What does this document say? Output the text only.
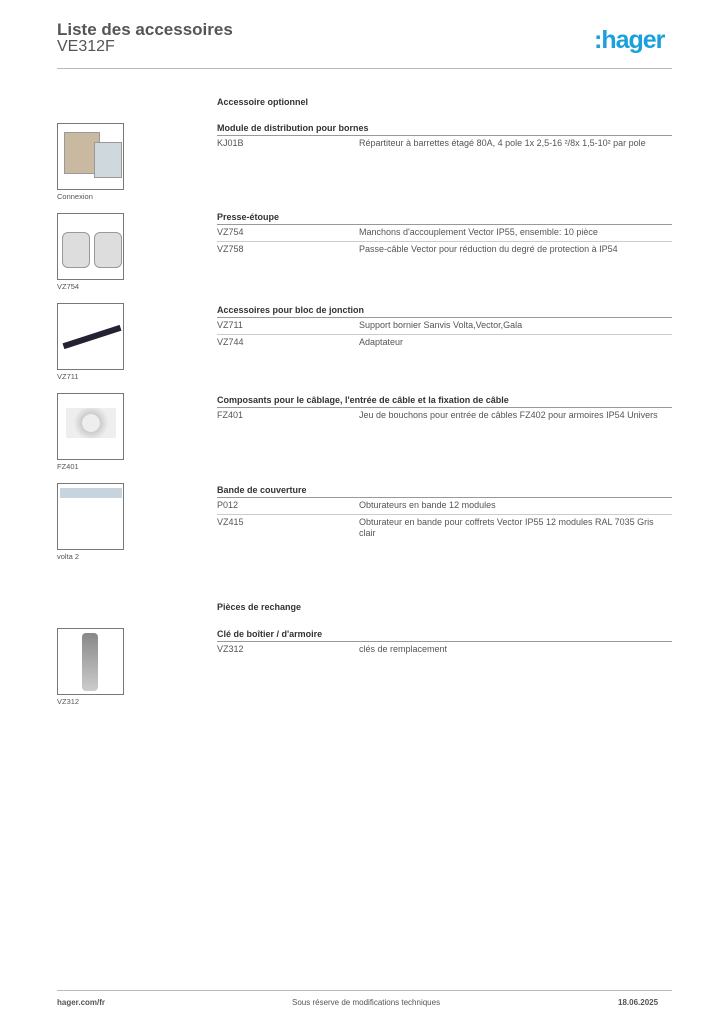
Liste des accessoires
VE312F	:hager
Accessoire optionnel
Pièces de rechange
Connexion
Module de distribution pour bornes
KJ01B	Répartiteur à barrettes étagé 80A, 4 pole 1x 2,5-16 ²/8x 1,5-10² par pole
VZ754
Presse-étoupe
VZ754	Manchons d'accouplement Vector IP55, ensemble: 10 pièce
VZ758	Passe-câble Vector pour réduction du degré de protection à IP54
VZ711
Accessoires pour bloc de jonction
VZ711	Support bornier Sanvis Volta,Vector,Gala
VZ744	Adaptateur
FZ401
Composants pour le câblage, l'entrée de câble et la fixation de câble
FZ401	Jeu de bouchons pour entrée de câbles FZ402 pour armoires IP54 Univers
volta 2
Bande de couverture
P012	Obturateurs en bande 12 modules
VZ415	Obturateur en bande pour coffrets Vector IP55 12 modules RAL 7035 Gris clair
VZ312
Clé de boîtier / d'armoire
VZ312	clés de remplacement
hager.com/fr	Sous réserve de modifications techniques	18.06.2025
